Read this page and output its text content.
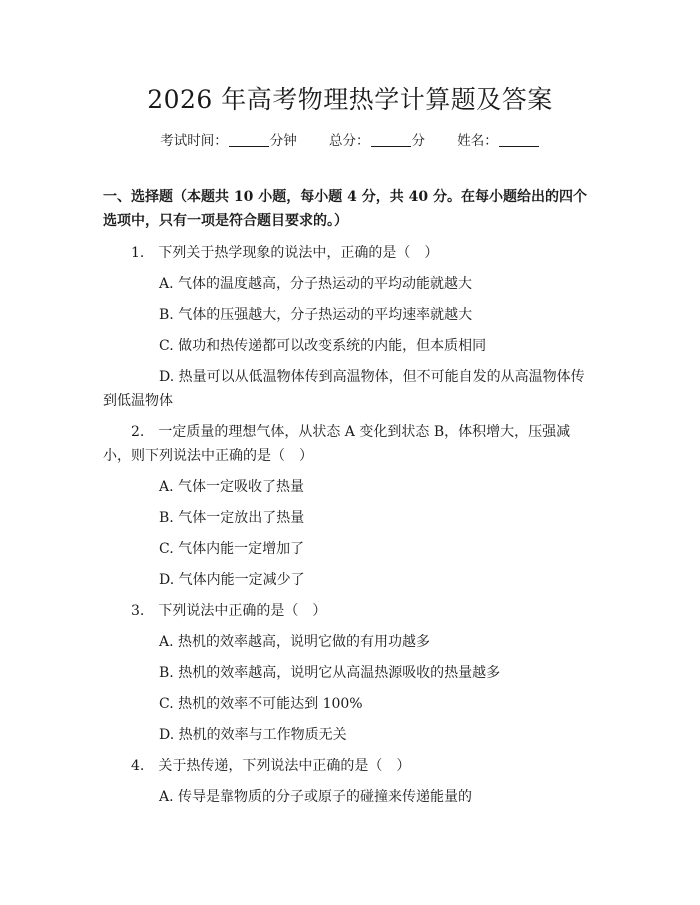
2026 年高考物理热学计算题及答案
考试时间：	分钟 总分：	分 姓名：
一、选择题（本题共 10 小题，每小题 4 分，共 40 分。在每小题给出的四个选项中，只有一项是符合题目要求的。）
1.　下列关于热学现象的说法中，正确的是（　）
A. 气体的温度越高，分子热运动的平均动能就越大
B. 气体的压强越大，分子热运动的平均速率就越大
C. 做功和热传递都可以改变系统的内能，但本质相同
D. 热量可以从低温物体传到高温物体，但不可能自发的从高温物体传到低温物体
2.　一定质量的理想气体，从状态 A 变化到状态 B，体积增大，压强减小，则下列说法中正确的是（　）
A. 气体一定吸收了热量
B. 气体一定放出了热量
C. 气体内能一定增加了
D. 气体内能一定减少了
3.　下列说法中正确的是（　）
A. 热机的效率越高，说明它做的有用功越多
B. 热机的效率越高，说明它从高温热源吸收的热量越多
C. 热机的效率不可能达到 100%
D. 热机的效率与工作物质无关
4.　关于热传递，下列说法中正确的是（　）
A. 传导是靠物质的分子或原子的碰撞来传递能量的
